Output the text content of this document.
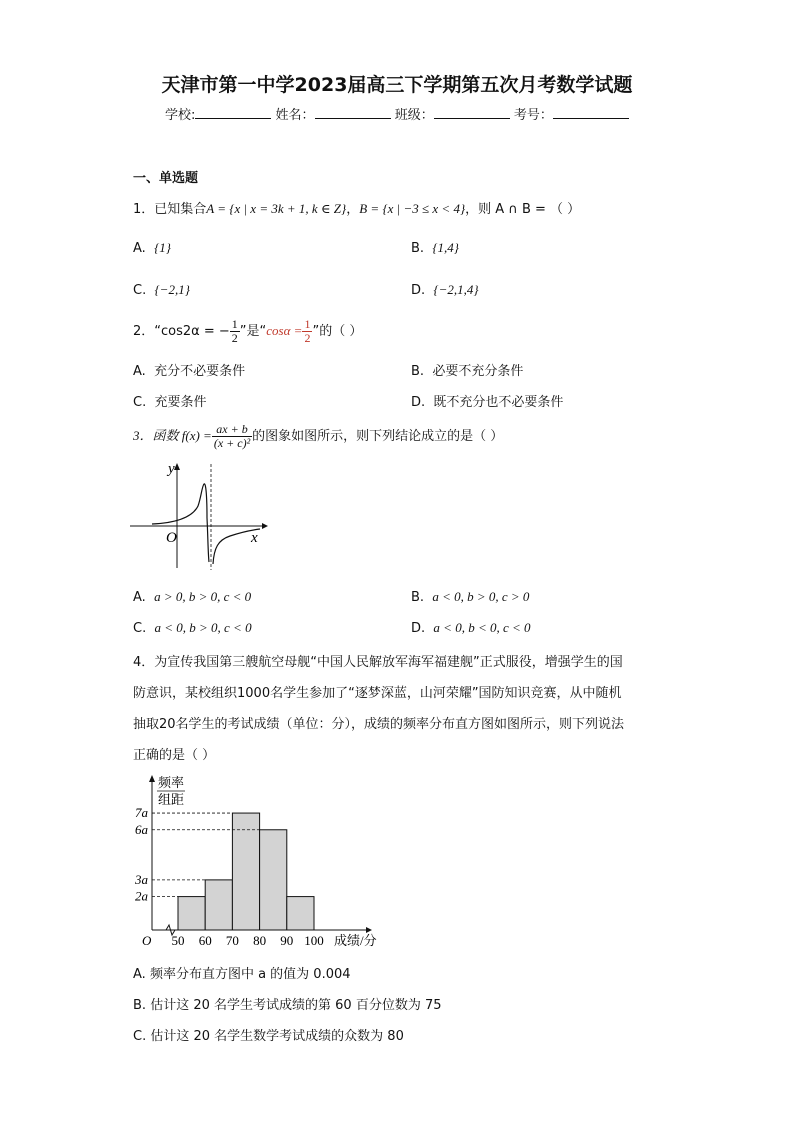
天津市第一中学2023届高三下学期第五次月考数学试题
学校:	姓名：	班级：	考号：
一、单选题
1．已知集合A = {x | x = 3k + 1, k ∈ Z}，B = {x | −3 ≤ x < 4}，则 A ∩ B = （ ）
A. {1}	B. {1,4}
C. {−2,1}	D. {−2,1,4}
2．“cos2α = − $\frac{1}{2}$ ”是“$\cos\alpha = \frac{1}{2}$ ”的（ ）
A. 充分不必要条件	B. 必要不充分条件
C. 充要条件	D. 既不充分也不必要条件
3．函数 $f(x) = \frac{ax + b}{\text{(x + c)²}}$ 的图象如图所示，则下列结论成立的是（ ）
y
x
O
A. a > 0, b > 0, c < 0	B. a < 0, b > 0, c > 0
C. a < 0, b > 0, c < 0	D. a < 0, b < 0, c < 0
4．为宣传我国第三艘航空母舰“中国人民解放军海军福建舰”正式服役，增强学生的国
防意识，某校组织1000名学生参加了“逐梦深蓝，山河荣耀”国防知识竞赛，从中随机
抽取20名学生的考试成绩（单位：分），成绩的频率分布直方图如图所示，则下列说法
正确的是（ ）
2a
3a
6a
7a
50 60 70 80 90 100
频率
组距
O	成绩/分
A. 频率分布直方图中 a 的值为 0.004
B. 估计这 20 名学生考试成绩的第 60 百分位数为 75
C. 估计这 20 名学生数学考试成绩的众数为 80
